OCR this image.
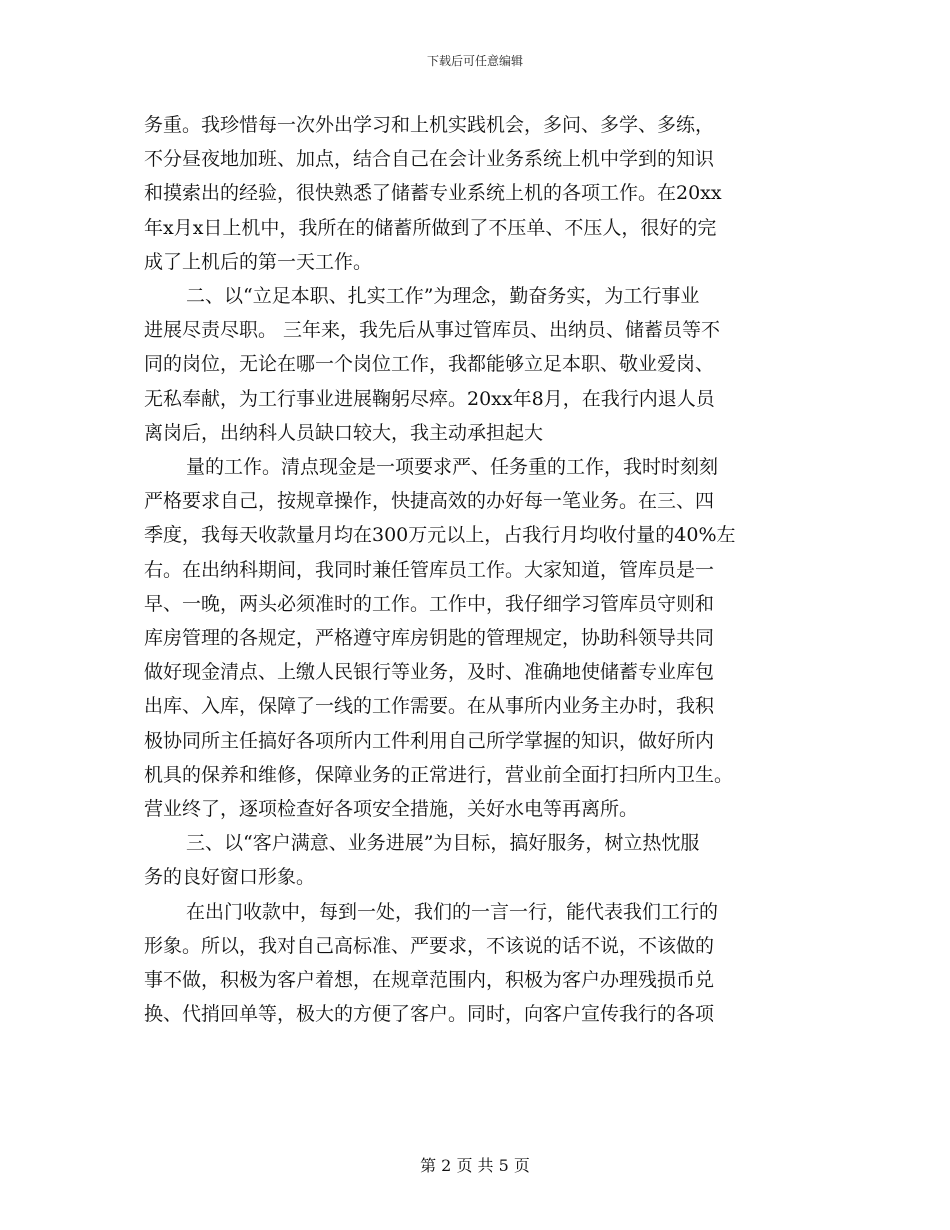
下载后可任意编辑
务重。我珍惜每一次外出学习和上机实践机会，多问、多学、多练，
不分昼夜地加班、加点，结合自己在会计业务系统上机中学到的知识
和摸索出的经验，很快熟悉了储蓄专业系统上机的各项工作。在20xx
年x月x日上机中，我所在的储蓄所做到了不压单、不压人，很好的完
成了上机后的第一天工作。
二、以“立足本职、扎实工作”为理念，勤奋务实，为工行事业
进展尽责尽职。 三年来，我先后从事过管库员、出纳员、储蓄员等不
同的岗位，无论在哪一个岗位工作，我都能够立足本职、敬业爱岗、
无私奉献，为工行事业进展鞠躬尽瘁。20xx年8月，在我行内退人员
离岗后，出纳科人员缺口较大，我主动承担起大
量的工作。清点现金是一项要求严、任务重的工作，我时时刻刻
严格要求自己，按规章操作，快捷高效的办好每一笔业务。在三、四
季度，我每天收款量月均在300万元以上，占我行月均收付量的40%左
右。在出纳科期间，我同时兼任管库员工作。大家知道，管库员是一
早、一晚，两头必须准时的工作。工作中，我仔细学习管库员守则和
库房管理的各规定，严格遵守库房钥匙的管理规定，协助科领导共同
做好现金清点、上缴人民银行等业务，及时、准确地使储蓄专业库包
出库、入库，保障了一线的工作需要。在从事所内业务主办时，我积
极协同所主任搞好各项所内工件利用自己所学掌握的知识，做好所内
机具的保养和维修，保障业务的正常进行，营业前全面打扫所内卫生。
营业终了，逐项检查好各项安全措施，关好水电等再离所。
三、以“客户满意、业务进展”为目标，搞好服务，树立热忱服
务的良好窗口形象。
在出门收款中，每到一处，我们的一言一行，能代表我们工行的
形象。所以，我对自己高标准、严要求，不该说的话不说，不该做的
事不做，积极为客户着想，在规章范围内，积极为客户办理残损币兑
换、代捎回单等，极大的方便了客户。同时，向客户宣传我行的各项
第 2 页 共 5 页
